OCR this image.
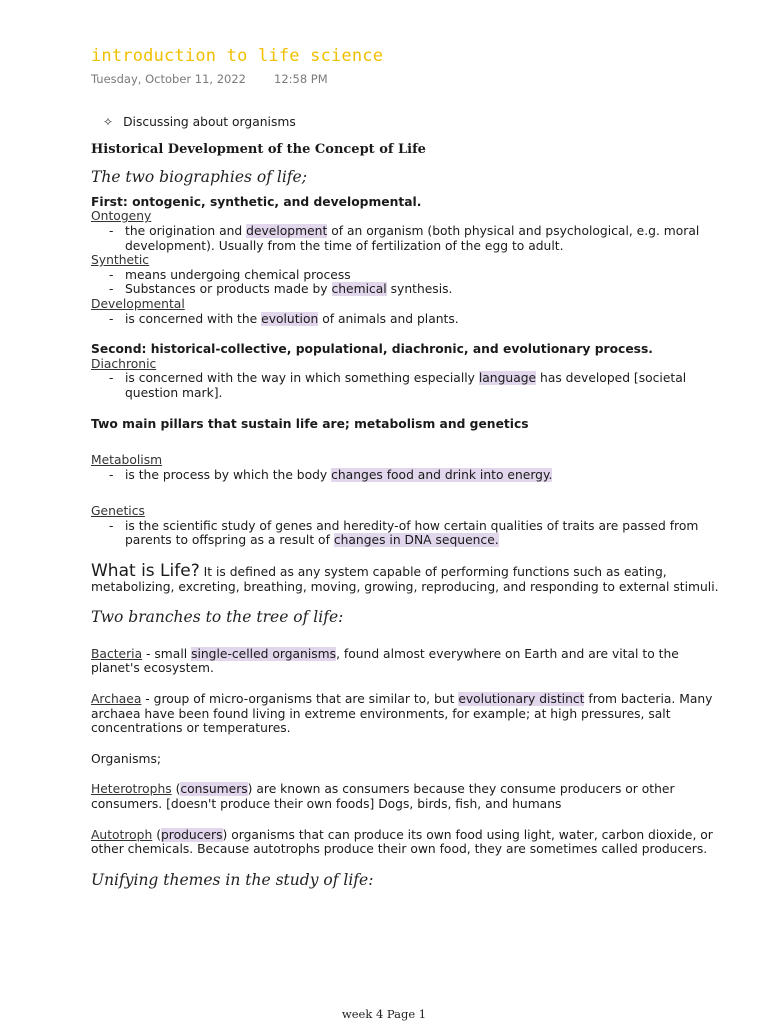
introduction to life science
Tuesday, October 11, 2022 12:58 PM
✧ Discussing about organisms
Historical Development of the Concept of Life
The two biographies of life;
First: ontogenic, synthetic, and developmental.
Ontogeny
- the origination and development of an organism (both physical and psychological, e.g. moral development). Usually from the time of fertilization of the egg to adult.
Synthetic
- means undergoing chemical process
- Substances or products made by chemical synthesis.
Developmental
- is concerned with the evolution of animals and plants.
Second: historical-collective, populational, diachronic, and evolutionary process.
Diachronic
- is concerned with the way in which something especially language has developed [societal question mark].
Two main pillars that sustain life are; metabolism and genetics
Metabolism
- is the process by which the body changes food and drink into energy.
Genetics
- is the scientific study of genes and heredity-of how certain qualities of traits are passed from parents to offspring as a result of changes in DNA sequence.
What is Life? It is defined as any system capable of performing functions such as eating, metabolizing, excreting, breathing, moving, growing, reproducing, and responding to external stimuli.
Two branches to the tree of life:
Bacteria - small single-celled organisms, found almost everywhere on Earth and are vital to the planet's ecosystem.
Archaea - group of micro-organisms that are similar to, but evolutionary distinct from bacteria. Many archaea have been found living in extreme environments, for example; at high pressures, salt concentrations or temperatures.
Organisms;
Heterotrophs (consumers) are known as consumers because they consume producers or other consumers. [doesn't produce their own foods] Dogs, birds, fish, and humans
Autotroph (producers) organisms that can produce its own food using light, water, carbon dioxide, or other chemicals. Because autotrophs produce their own food, they are sometimes called producers.
Unifying themes in the study of life:
week 4 Page 1
